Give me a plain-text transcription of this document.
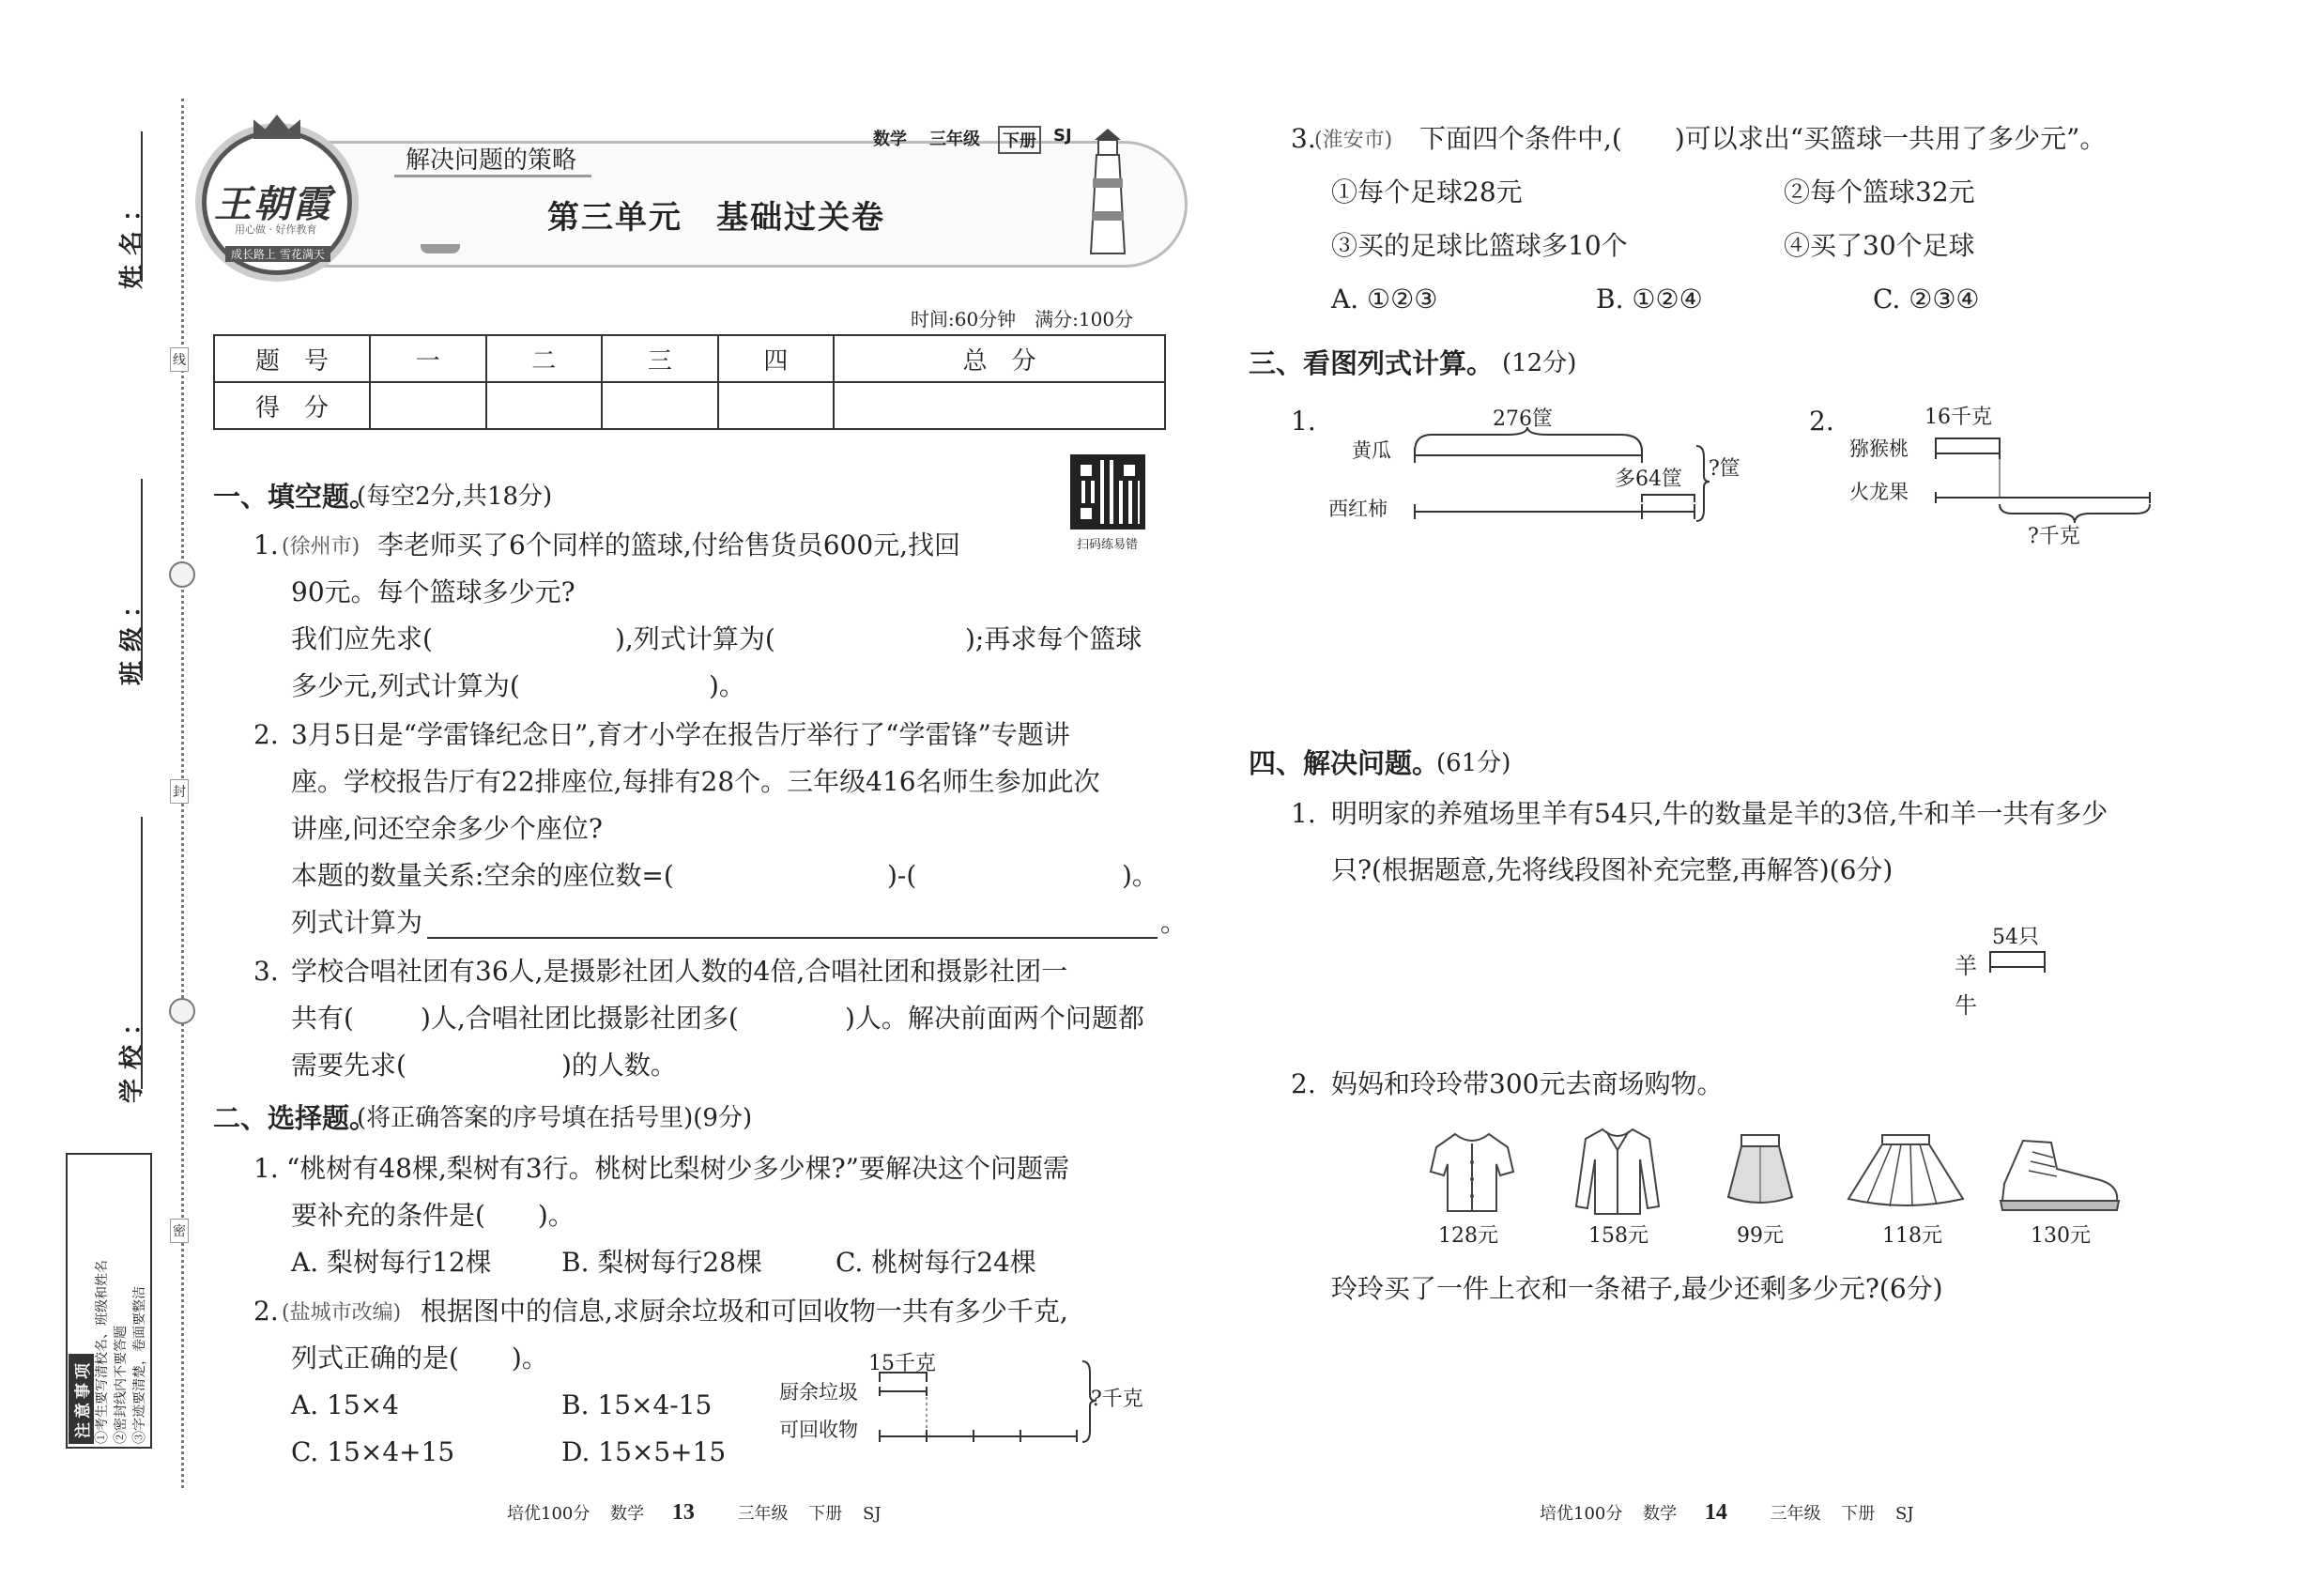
线
封
密
姓名：
班级：
学校：
注意事项 ①考生要写清校名、班级和姓名 ②密封线内不要答题 ③字迹要清楚，卷面要整洁
王朝霞
用心做 · 好作教育
成长路上 雪花满天
解决问题的策略
数学 三年级 下册 SJ
第三单元　基础过关卷
时间:60分钟　满分:100分
题　号	一	二	三	四	总　分
得　分					
扫码练易错
一、填空题。
(每空2分,共18分)
1. (徐州市) 李老师买了6个同样的篮球,付给售货员600元,找回
90元。每个篮球多少元?
我们应先求(	),列式计算为(	);再求每个篮球
多少元,列式计算为(	)。
2. 3月5日是“学雷锋纪念日”,育才小学在报告厅举行了“学雷锋”专题讲
座。学校报告厅有22排座位,每排有28个。三年级416名师生参加此次
讲座,问还空余多少个座位?
本题的数量关系:空余的座位数=(	)-(	)。
列式计算为	。
3. 学校合唱社团有36人,是摄影社团人数的4倍,合唱社团和摄影社团一
共有(	)人,合唱社团比摄影社团多(	)人。解决前面两个问题都
需要先求(	)的人数。
二、选择题。
(将正确答案的序号填在括号里)(9分)
1. “桃树有48棵,梨树有3行。桃树比梨树少多少棵?”要解决这个问题需
要补充的条件是(　　)。
A. 梨树每行12棵	B. 梨树每行28棵	C. 桃树每行24棵
2. (盐城市改编) 根据图中的信息,求厨余垃圾和可回收物一共有多少千克,
列式正确的是(　　)。
A. 15×4	B. 15×4-15
C. 15×4+15	D. 15×5+15
15千克
厨余垃圾
可回收物
?千克
3.
(淮安市) 下面四个条件中,(　　)可以求出“买篮球一共用了多少元”。
①每个足球28元	②每个篮球32元
③买的足球比篮球多10个	④买了30个足球
A. ①②③	B. ①②④	C. ②③④
三、看图列式计算。 (12分)
1.	276筐
黄瓜
西红柿
多64筐 ?筐
2.	16千克
猕猴桃
火龙果
?千克
四、解决问题。
(61分)
1. 明明家的养殖场里羊有54只,牛的数量是羊的3倍,牛和羊一共有多少
只?(根据题意,先将线段图补充完整,再解答)(6分)
54只
羊
牛
2. 妈妈和玲玲带300元去商场购物。
128元	158元	99元	118元	130元
玲玲买了一件上衣和一条裙子,最少还剩多少元?(6分)
培优100分 数学 13	三年级 下册 SJ	培优100分 数学 14	三年级 下册 SJ
